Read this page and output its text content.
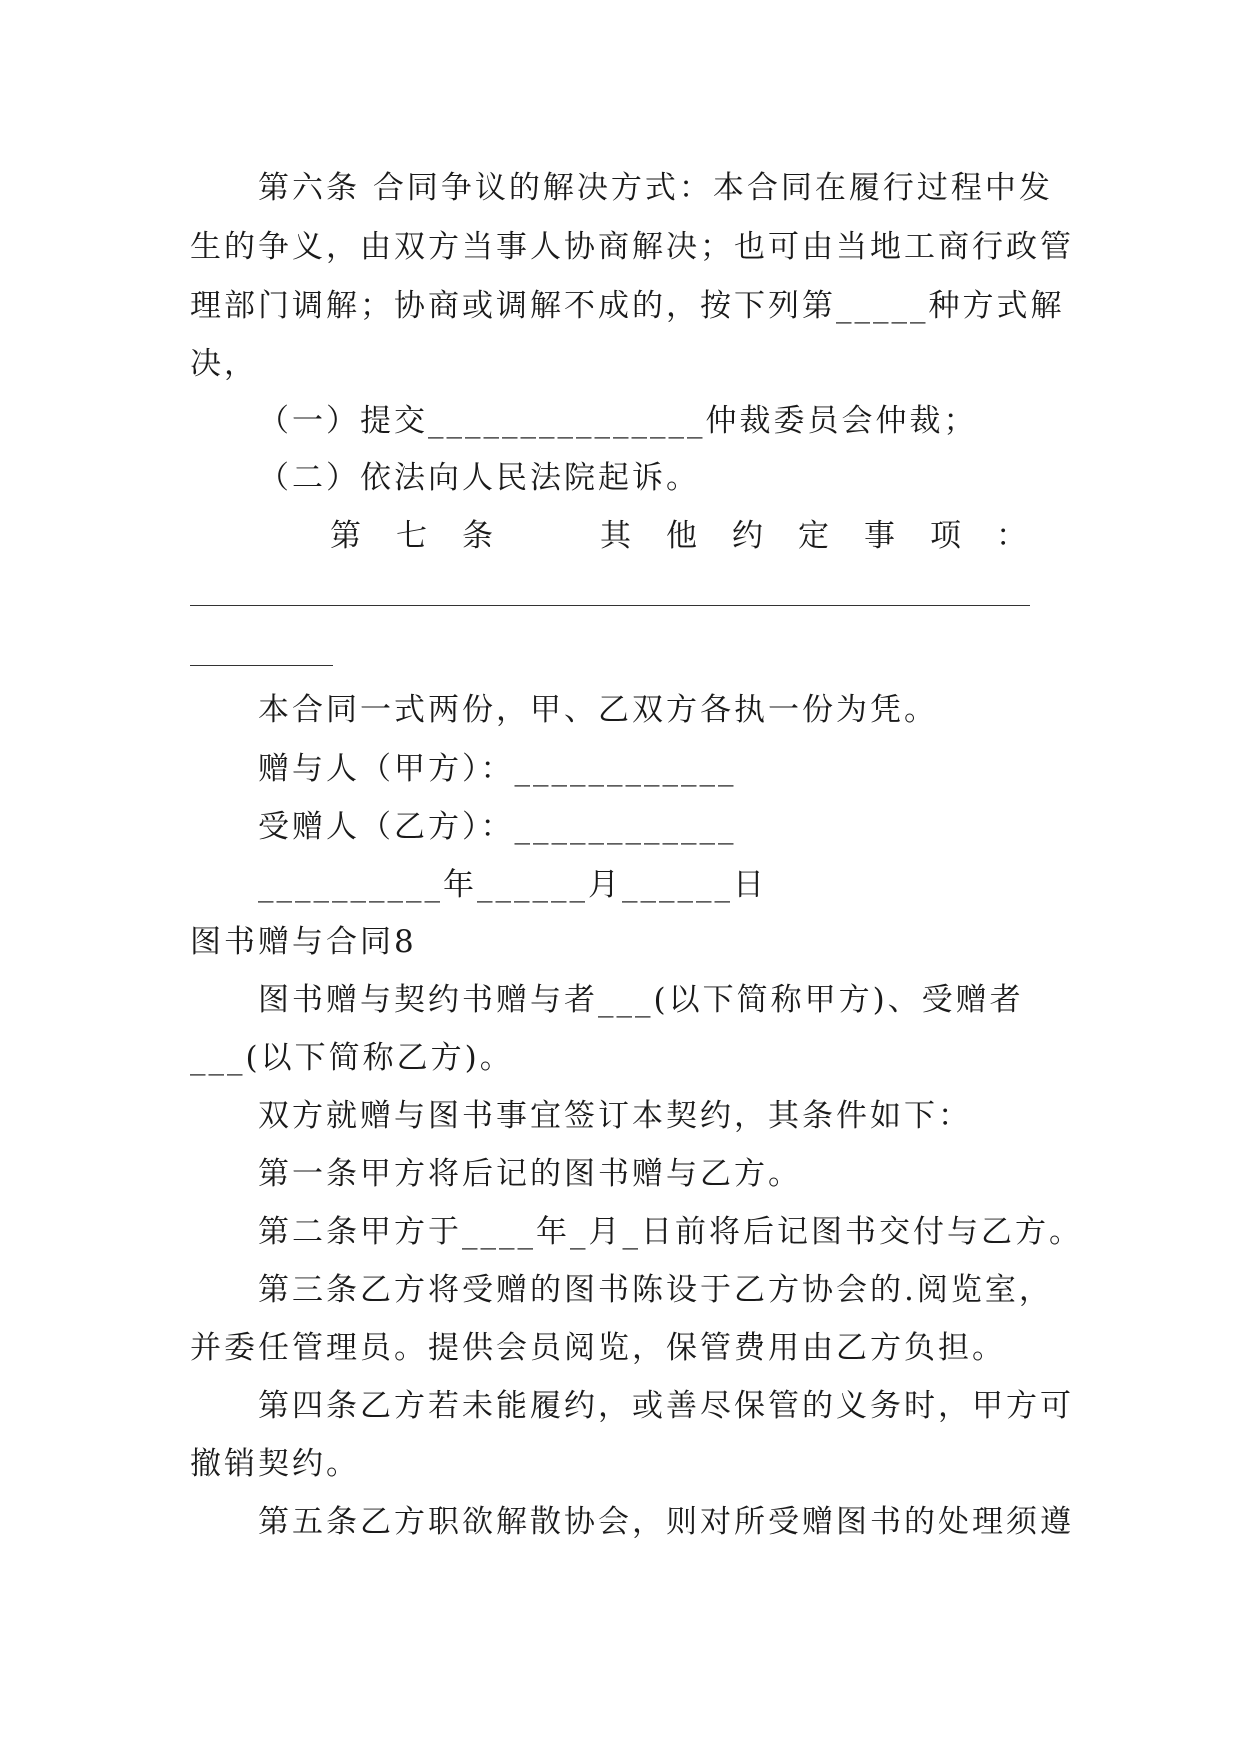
第六条 合同争议的解决方式：本合同在履行过程中发
生的争义，由双方当事人协商解决；也可由当地工商行政管
理部门调解；协商或调解不成的，按下列第_____种方式解
决，
（一）提交_______________仲裁委员会仲裁；
（二）依法向人民法院起诉。
第 七 条	其 他 约 定 事 项 ：
本合同一式两份，甲、乙双方各执一份为凭。
赠与人（甲方）：____________
受赠人（乙方）：____________
__________年______月______日
图书赠与合同8
图书赠与契约书赠与者___(以下简称甲方)、受赠者
___(以下简称乙方)。
双方就赠与图书事宜签订本契约，其条件如下：
第一条甲方将后记的图书赠与乙方。
第二条甲方于____年_月_日前将后记图书交付与乙方。
第三条乙方将受赠的图书陈设于乙方协会的.阅览室，
并委任管理员。提供会员阅览，保管费用由乙方负担。
第四条乙方若未能履约，或善尽保管的义务时，甲方可
撤销契约。
第五条乙方职欲解散协会，则对所受赠图书的处理须遵
